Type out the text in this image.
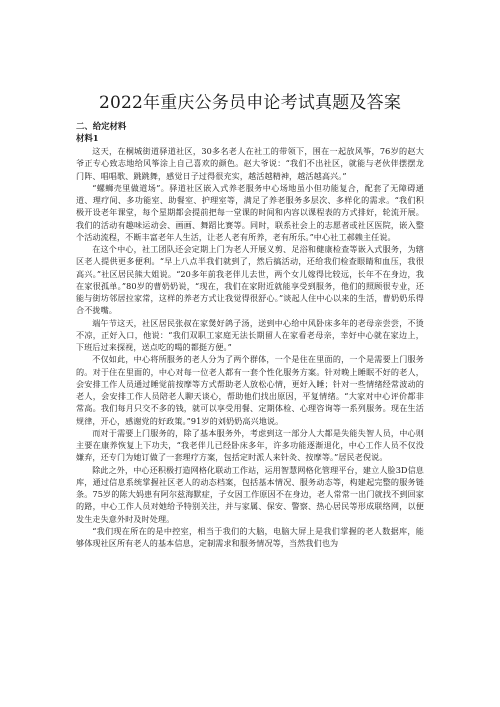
2022年重庆公务员申论考试真题及答案
二、给定材料
材料1

这天，在桐城街道驿道社区，30多名老人在社工的带领下，围在一起放风筝，76岁的赵大爷正专心致志地给风筝涂上自己喜欢的颜色。赵大爷说：“我们不出社区，就能与老伙伴摆摆龙门阵、唱唱歌、跳跳舞，感觉日子过得很充实，越活越精神，越活越高兴。”

“螺蛳壳里做道场”。驿道社区嵌入式养老服务中心场地虽小但功能复合，配套了无障碍通道、理疗间、多功能室、助餐室、护理室等，满足了养老服务多层次、多样化的需求。“我们积极开设老年课堂，每个星期都会提前把每一堂课的时间和内容以课程表的方式排好，轮流开展。我们的活动有趣味运动会、画画、舞蹈比赛等。同时，联系社会上的志愿者或社区医院，嵌入整个活动流程，不断丰富老年人生活，让老人老有所养，老有所乐。”中心社工郝赖主任说。

在这个中心，社工团队还会定期上门为老人开展义剪、足浴和健康检查等嵌入式服务，为辖区老人提供更多便利。“早上八点半我们就到了，然后搞活动，还给我们检查眼睛和血压，我很高兴。”社区居民熊大姐说。“20多年前我老伴儿去世，两个女儿嫁得比较远，长年不在身边，我在家很孤单。”80岁的曹奶奶说，“现在，我们在家附近就能享受到服务，他们的照顾很专业，还能与街坊邻居拉家常，这样的养老方式让我觉得很舒心。”谈起人住中心以来的生活，曹奶奶乐得合不拢嘴。

端午节这天，社区居民张叔在家煲好鸽子汤，送到中心给中风卧床多年的老母亲尝尝，不烫不凉，正好入口，他说：“我们双职工家庭无法长期留人在家看老母亲，幸好中心就在家边上，下班后过来探视，送点吃的喝的都挺方便。”

不仅如此，中心将所服务的老人分为了两个群体，一个是住在里面的，一个是需要上门服务的。对于住在里面的，中心对每一位老人都有一套个性化服务方案。针对晚上睡眠不好的老人，会安排工作人员通过睡觉前按摩等方式帮助老人放松心情，更好入睡；针对一些情绪经常波动的老人，会安排工作人员陪老人聊天谈心，帮助他们找出原因，平复情绪。“大家对中心评价都非常高。我们每月只交不多的钱，就可以享受用餐、定期体检、心理咨询等一系列服务。现在生活规律，开心，感谢党的好政策。”91岁的刘奶奶高兴地说。

而对于需要上门服务的，除了基本服务外，考虑到这一部分人大都是失能失智人员，中心则主要在康养恢复上下功夫，“我老伴儿已经卧床多年，许多功能逐渐退化，中心工作人员不仅没嫌弃，还专门为她订做了一套理疗方案，包括定时派人来针灸、按摩等。”居民老倪说。

除此之外，中心还积极打造网格化联动工作站，运用智慧网格化管理平台，建立人脸3D信息库，通过信息系统掌握社区老人的动态档案，包括基本情况、服务动态等，构建起完整的服务链条。75岁的陈大妈患有阿尔兹海默症，子女因工作原因不在身边，老人常常一出门就找不到回家的路，中心工作人员对她给予特别关注，并与家属、保安、警察、热心居民等形成联络网，以便发生走失意外时及时处理。

“我们现在所在的是中控室，相当于我们的大脑，电脑大屏上是我们掌握的老人数据库，能够体现社区所有老人的基本信息，定制需求和服务情况等，当然我们也为
